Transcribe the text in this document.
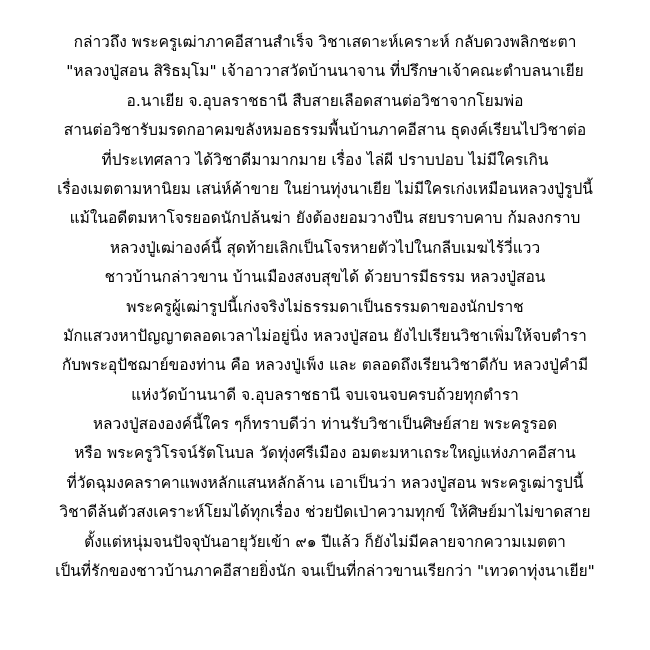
กล่าวถึง พระครูเฒ่าภาคอีสานสำเร็จ วิชาเสดาะห์เคราะห์ กลับดวงพลิกชะตา
"หลวงปู่สอน สิริธมฺโม" เจ้าอาวาสวัดบ้านนาจาน ที่ปรึกษาเจ้าคณะตำบลนาเยีย
อ.นาเยีย จ.อุบลราชธานี สืบสายเลือดสานต่อวิชาจากโยมพ่อ
สานต่อวิชารับมรดกอาคมขลังหมอธรรมพื้นบ้านภาคอีสาน ธุดงค์เรียนไปวิชาต่อ
ที่ประเทศลาว ได้วิชาดีมามากมาย เรื่อง ไล่ผี ปราบปอบ ไม่มีใครเกิน
เรื่องเมตตามหานิยม เสน่ห์ค้าขาย ในย่านทุ่งนาเยีย ไม่มีใครเก่งเหมือนหลวงปู่รูปนี้
แม้ในอดีตมหาโจรยอดนักปล้นฆ่า ยังต้องยอมวางปืน สยบราบคาบ ก้มลงกราบ
หลวงปู่เฒ่าองค์นี้ สุดท้ายเลิกเป็นโจรหายตัวไปในกลีบเมฆไร้วี่แวว
ชาวบ้านกล่าวขาน บ้านเมืองสงบสุขได้ ด้วยบารมีธรรม หลวงปู่สอน
พระครูผู้เฒ่ารูปนี้เก่งจริงไม่ธรรมดาเป็นธรรมดาของนักปราช
มักแสวงหาปัญญาตลอดเวลาไม่อยู่นิ่ง หลวงปู่สอน ยังไปเรียนวิชาเพิ่มให้จบตำรา
กับพระอุปัชฌาย์ของท่าน คือ หลวงปู่เพ็ง และ ตลอดถึงเรียนวิชาดีกับ หลวงปู่คำมี
แห่งวัดบ้านนาดี จ.อุบลราชธานี จบเจนจบครบถ้วยทุกตำรา
หลวงปู่สององค์นี้ใคร ๆก็ทราบดีว่า ท่านรับวิชาเป็นศิษย์สาย พระครูรอด
หรือ พระครูวิโรจน์รัตโนบล วัดทุ่งศรีเมือง อมตะมหาเถระใหญ่แห่งภาคอีสาน
ที่วัดฉุมงคลราคาแพงหลักแสนหลักล้าน เอาเป็นว่า หลวงปู่สอน พระครูเฒ่ารูปนี้
วิชาดีล้นตัวสงเคราะห์โยมได้ทุกเรื่อง ช่วยปัดเป่าความทุกข์ ให้ศิษย์มาไม่ขาดสาย
ตั้งแต่หนุ่มจนปัจจุบันอายุวัยเข้า ๙๑ ปีแล้ว ก็ยังไม่มีคลายจากความเมตตา
เป็นที่รักของชาวบ้านภาคอีสายยิ่งนัก จนเป็นที่กล่าวขานเรียกว่า "เทวดาทุ่งนาเยีย"
